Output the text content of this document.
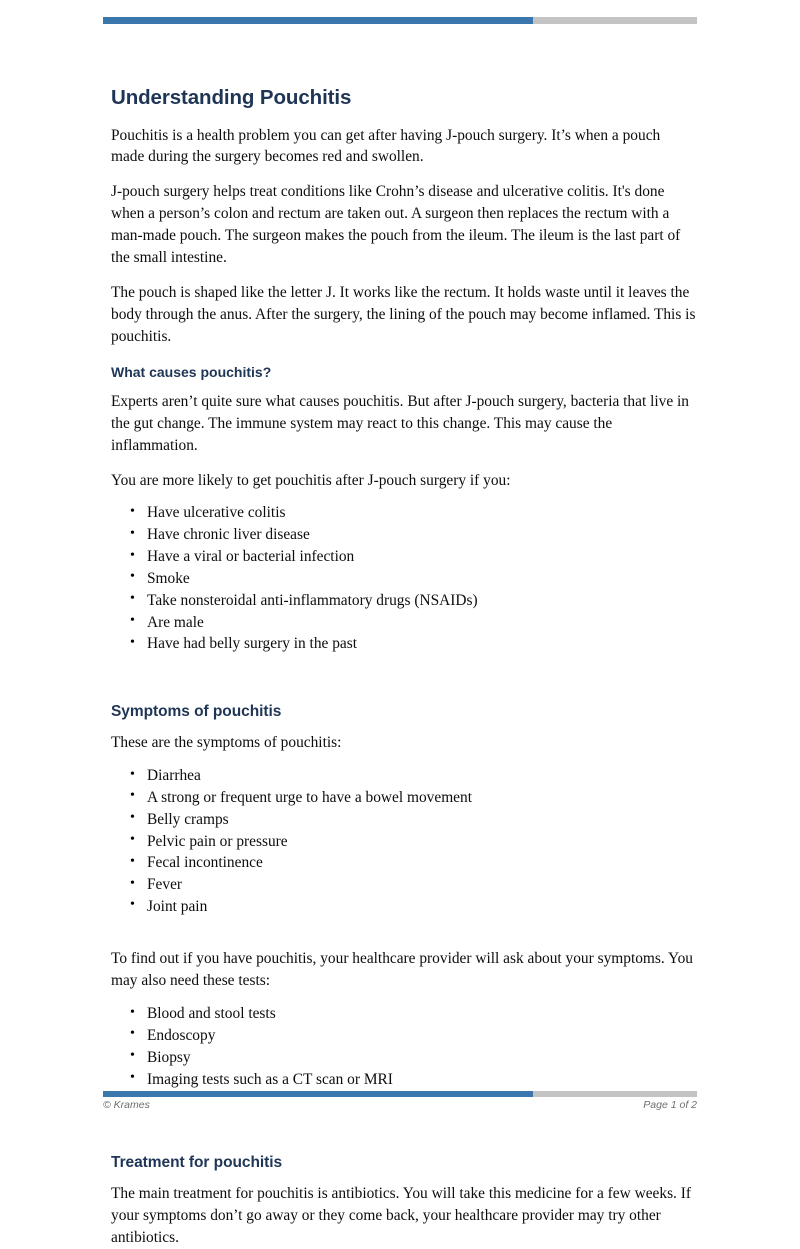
Understanding Pouchitis

Pouchitis is a health problem you can get after having J-pouch surgery. It’s when a pouch made during the surgery becomes red and swollen.

J-pouch surgery helps treat conditions like Crohn’s disease and ulcerative colitis. It's done when a person’s colon and rectum are taken out. A surgeon then replaces the rectum with a man-made pouch. The surgeon makes the pouch from the ileum. The ileum is the last part of the small intestine.

The pouch is shaped like the letter J. It works like the rectum. It holds waste until it leaves the body through the anus. After the surgery, the lining of the pouch may become inflamed. This is pouchitis.

What causes pouchitis?

Experts aren’t quite sure what causes pouchitis. But after J-pouch surgery, bacteria that live in the gut change. The immune system may react to this change. This may cause the inflammation.

You are more likely to get pouchitis after J-pouch surgery if you:

• Have ulcerative colitis
• Have chronic liver disease
• Have a viral or bacterial infection
• Smoke
• Take nonsteroidal anti-inflammatory drugs (NSAIDs)
• Are male
• Have had belly surgery in the past
Symptoms of pouchitis

These are the symptoms of pouchitis:

• Diarrhea
• A strong or frequent urge to have a bowel movement
• Belly cramps
• Pelvic pain or pressure
• Fecal incontinence
• Fever
• Joint pain

To find out if you have pouchitis, your healthcare provider will ask about your symptoms. You may also need these tests:

• Blood and stool tests
• Endoscopy
• Biopsy
• Imaging tests such as a CT scan or MRI
Treatment for pouchitis

The main treatment for pouchitis is antibiotics. You will take this medicine for a few weeks. If your symptoms don’t go away or they come back, your healthcare provider may try other antibiotics.

© Krames	Page 1 of 2
